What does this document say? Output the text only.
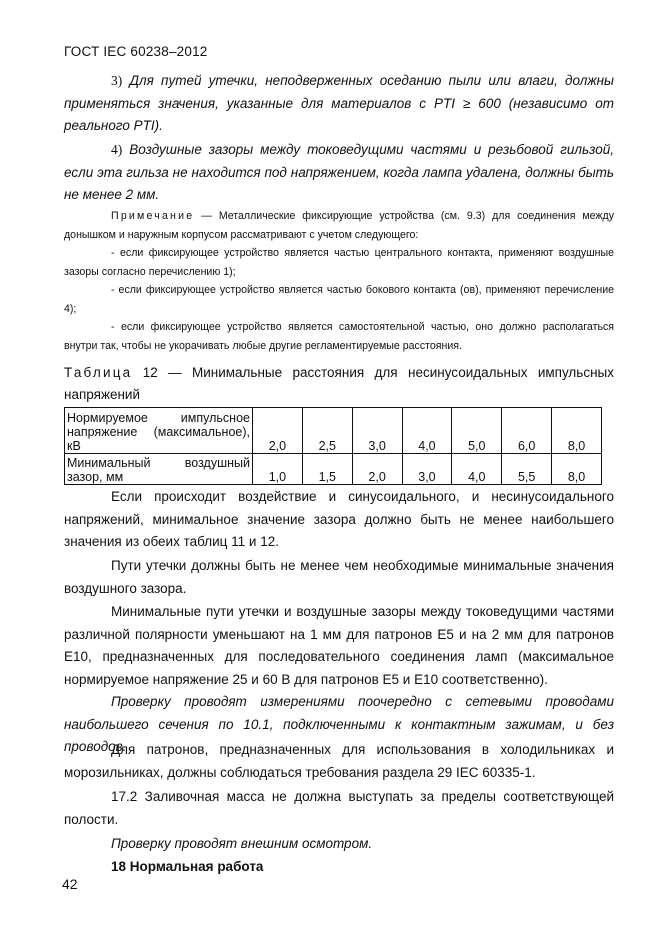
ГОСТ IEC 60238–2012
3) Для путей утечки, неподверженных оседанию пыли или влаги, должны применяться значения, указанные для материалов с PTI ≥ 600 (независимо от реального PTI).
4) Воздушные зазоры между токоведущими частями и резьбовой гильзой, если эта гильза не находится под напряжением, когда лампа удалена, должны быть не менее 2 мм.
Примечание — Металлические фиксирующие устройства (см. 9.3) для соединения между донышком и наружным корпусом рассматривают с учетом следующего:
- если фиксирующее устройство является частью центрального контакта, применяют воздушные зазоры согласно перечислению 1);
- если фиксирующее устройство является частью бокового контакта (ов), применяют перечисление 4);
- если фиксирующее устройство является самостоятельной частью, оно должно располагаться внутри так, чтобы не укорачивать любые другие регламентируемые расстояния.
Таблица 12 — Минимальные расстояния для несинусоидальных импульсных напряжений
Нормируемое импульсное напряжение (максимальное), кВ	2,0	2,5	3,0	4,0	5,0	6,0	8,0
Минимальный воздушный зазор, мм	1,0	1,5	2,0	3,0	4,0	5,5	8,0
Если происходит воздействие и синусоидального, и несинусоидального напряжений, минимальное значение зазора должно быть не менее наибольшего значения из обеих таблиц 11 и 12.
Пути утечки должны быть не менее чем необходимые минимальные значения воздушного зазора.
Минимальные пути утечки и воздушные зазоры между токоведущими частями различной полярности уменьшают на 1 мм для патронов Е5 и на 2 мм для патронов Е10, предназначенных для последовательного соединения ламп (максимальное нормируемое напряжение 25 и 60 В для патронов Е5 и Е10 соответственно).
Проверку проводят измерениями поочередно с сетевыми проводами наибольшего сечения по 10.1, подключенными к контактным зажимам, и без проводов.
Для патронов, предназначенных для использования в холодильниках и морозильниках, должны соблюдаться требования раздела 29 IEC 60335-1.
17.2 Заливочная масса не должна выступать за пределы соответствующей полости.
Проверку проводят внешним осмотром.
18 Нормальная работа
42
